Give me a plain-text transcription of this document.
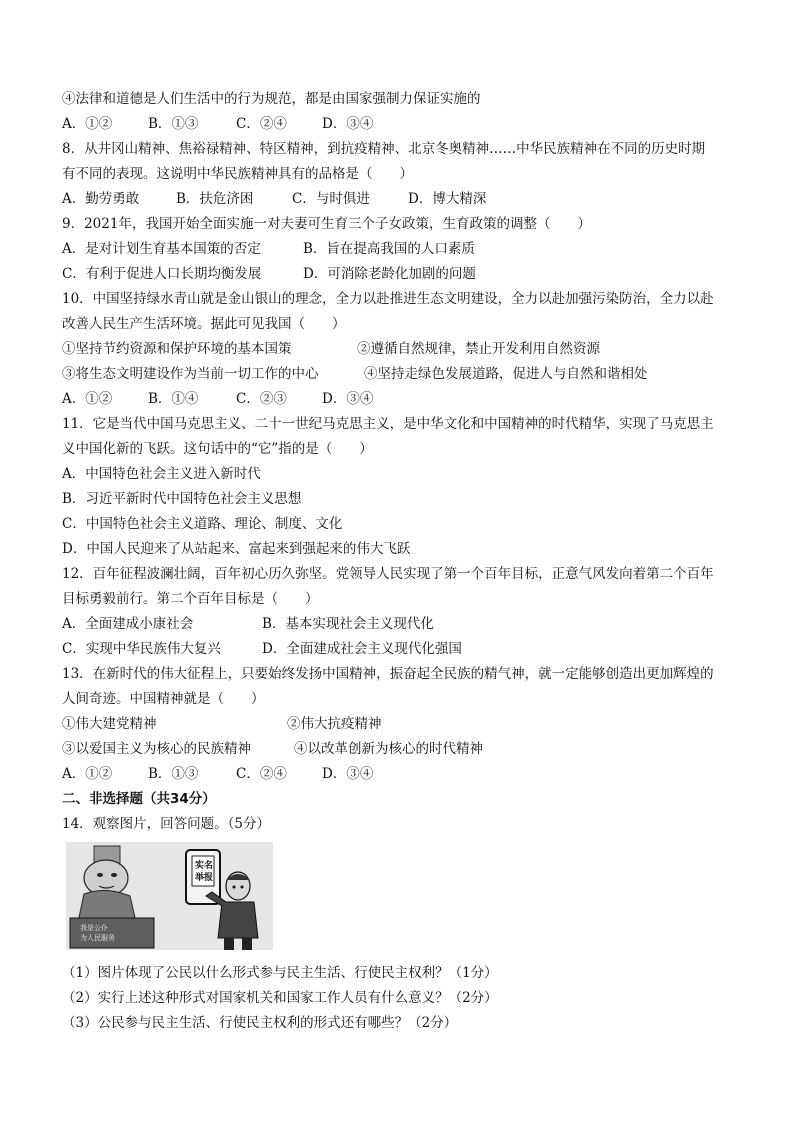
④法律和道德是人们生活中的行为规范，都是由国家强制力保证实施的
A．①②	B．①③	C．②④	D．③④
8．从井冈山精神、焦裕禄精神、特区精神，到抗疫精神、北京冬奥精神……中华民族精神在不同的历史时期
有不同的表现。这说明中华民族精神具有的品格是（　　）
A．勤劳勇敢	B．扶危济困	C．与时俱进	D．博大精深
9．2021年，我国开始全面实施一对夫妻可生育三个子女政策，生育政策的调整（　　）
A．是对计划生育基本国策的否定	B．旨在提高我国的人口素质
C．有利于促进人口长期均衡发展	D．可消除老龄化加剧的问题
10．中国坚持绿水青山就是金山银山的理念，全力以赴推进生态文明建设，全力以赴加强污染防治，全力以赴
改善人民生产生活环境。据此可见我国（　　）
①坚持节约资源和保护环境的基本国策	②遵循自然规律，禁止开发利用自然资源
③将生态文明建设作为当前一切工作的中心	④坚持走绿色发展道路，促进人与自然和谐相处
A．①②	B．①④	C．②③	D．③④
11．它是当代中国马克思主义、二十一世纪马克思主义，是中华文化和中国精神的时代精华，实现了马克思主
义中国化新的飞跃。这句话中的“它”指的是（　　）
A．中国特色社会主义进入新时代
B．习近平新时代中国特色社会主义思想
C．中国特色社会主义道路、理论、制度、文化
D．中国人民迎来了从站起来、富起来到强起来的伟大飞跃
12．百年征程波澜壮阔，百年初心历久弥坚。党领导人民实现了第一个百年目标，正意气风发向着第二个百年
目标勇毅前行。第二个百年目标是（　　）
A．全面建成小康社会	B．基本实现社会主义现代化
C．实现中华民族伟大复兴	D．全面建成社会主义现代化强国
13．在新时代的伟大征程上，只要始终发扬中国精神，振奋起全民族的精气神，就一定能够创造出更加辉煌的
人间奇迹。中国精神就是（　　）
①伟大建党精神	②伟大抗疫精神
③以爱国主义为核心的民族精神	④以改革创新为核心的时代精神
A．①②	B．①③	C．②④	D．③④
二、非选择题（共34分）
14．观察图片，回答问题。（5分）
我是公仆
为人民服务
实名
举报
（1）图片体现了公民以什么形式参与民主生活、行使民主权利？（1分）
（2）实行上述这种形式对国家机关和国家工作人员有什么意义？（2分）
（3）公民参与民主生活、行使民主权利的形式还有哪些？（2分）
